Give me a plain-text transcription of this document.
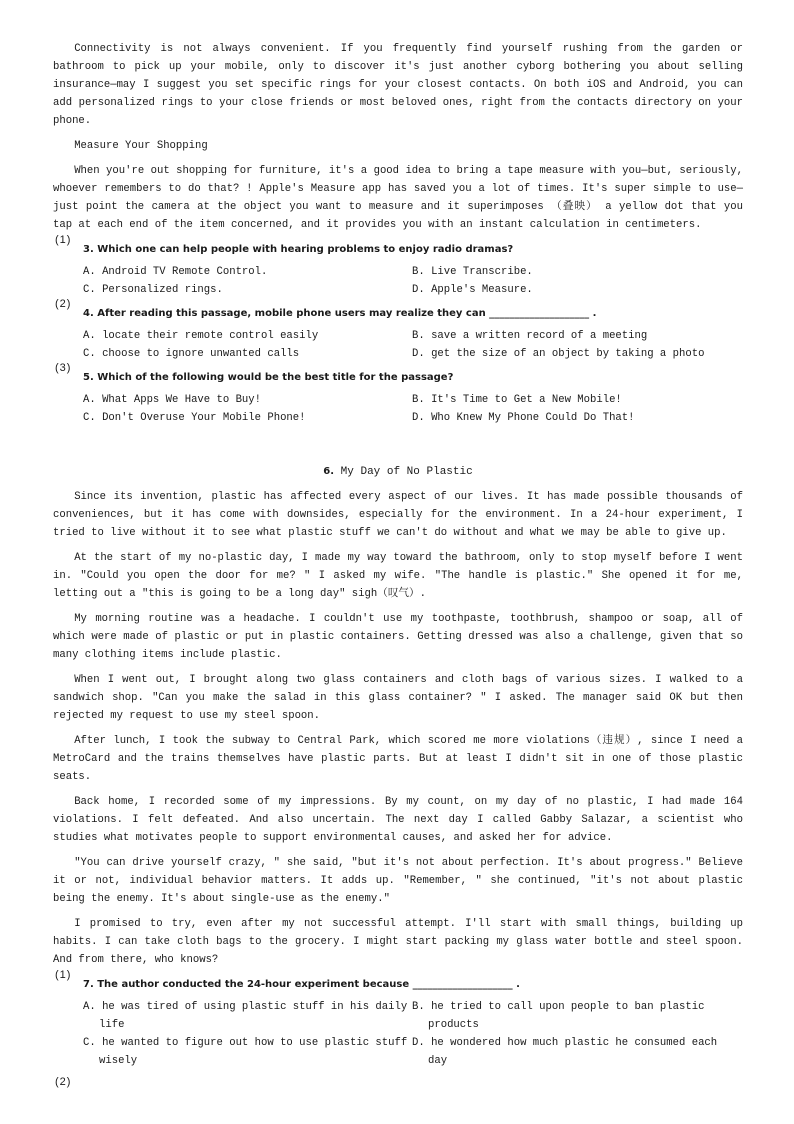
Connectivity is not always convenient. If you frequently find yourself rushing from the garden or bathroom to pick up your mobile, only to discover it's just another cyborg bothering you about selling insurance—may I suggest you set specific rings for your closest contacts. On both iOS and Android, you can add personalized rings to your close friends or most beloved ones, right from the contacts directory on your phone.

Measure Your Shopping

When you're out shopping for furniture, it's a good idea to bring a tape measure with you—but, seriously, whoever remembers to do that? ! Apple's Measure app has saved you a lot of times. It's super simple to use—just point the camera at the object you want to measure and it superimposes （叠映） a yellow dot that you tap at each end of the item concerned, and it provides you with an instant calculation in centimeters.

(1)
3. Which one can help people with hearing problems to enjoy radio dramas?
A. Android TV Remote Control.	B. Live Transcribe.
C. Personalized rings.	D. Apple's Measure.
(2)
4. After reading this passage, mobile phone users may realize they can ____________________ .
A. locate their remote control easily	B. save a written record of a meeting
C. choose to ignore unwanted calls	D. get the size of an object by taking a photo
(3)
5. Which of the following would be the best title for the passage?
A. What Apps We Have to Buy!	B. It's Time to Get a New Mobile!
C. Don't Overuse Your Mobile Phone!	D. Who Knew My Phone Could Do That!
6. My Day of No Plastic

Since its invention, plastic has affected every aspect of our lives. It has made possible thousands of conveniences, but it has come with downsides, especially for the environment. In a 24-hour experiment, I tried to live without it to see what plastic stuff we can't do without and what we may be able to give up.

At the start of my no-plastic day, I made my way toward the bathroom, only to stop myself before I went in. "Could you open the door for me? " I asked my wife. "The handle is plastic." She opened it for me, letting out a "this is going to be a long day" sigh（叹气）.

My morning routine was a headache. I couldn't use my toothpaste, toothbrush, shampoo or soap, all of which were made of plastic or put in plastic containers. Getting dressed was also a challenge, given that so many clothing items include plastic.

When I went out, I brought along two glass containers and cloth bags of various sizes. I walked to a sandwich shop. "Can you make the salad in this glass container? " I asked. The manager said OK but then rejected my request to use my steel spoon.

After lunch, I took the subway to Central Park, which scored me more violations（违规）, since I need a MetroCard and the trains themselves have plastic parts. But at least I didn't sit in one of those plastic seats.

Back home, I recorded some of my impressions. By my count, on my day of no plastic, I had made 164 violations. I felt defeated. And also uncertain. The next day I called Gabby Salazar, a scientist who studies what motivates people to support environmental causes, and asked her for advice.

"You can drive yourself crazy, " she said, "but it's not about perfection. It's about progress." Believe it or not, individual behavior matters. It adds up. "Remember, " she continued, "it's not about plastic being the enemy. It's about single-use as the enemy."

I promised to try, even after my not successful attempt. I'll start with small things, building up habits. I can take cloth bags to the grocery. I might start packing my glass water bottle and steel spoon. And from there, who knows?

(1)
7. The author conducted the 24-hour experiment because ____________________ .
A. he was tired of using plastic stuff in his daily life
B. he tried to call upon people to ban plastic products
C. he wanted to figure out how to use plastic stuff wisely
D. he wondered how much plastic he consumed each day
(2)
